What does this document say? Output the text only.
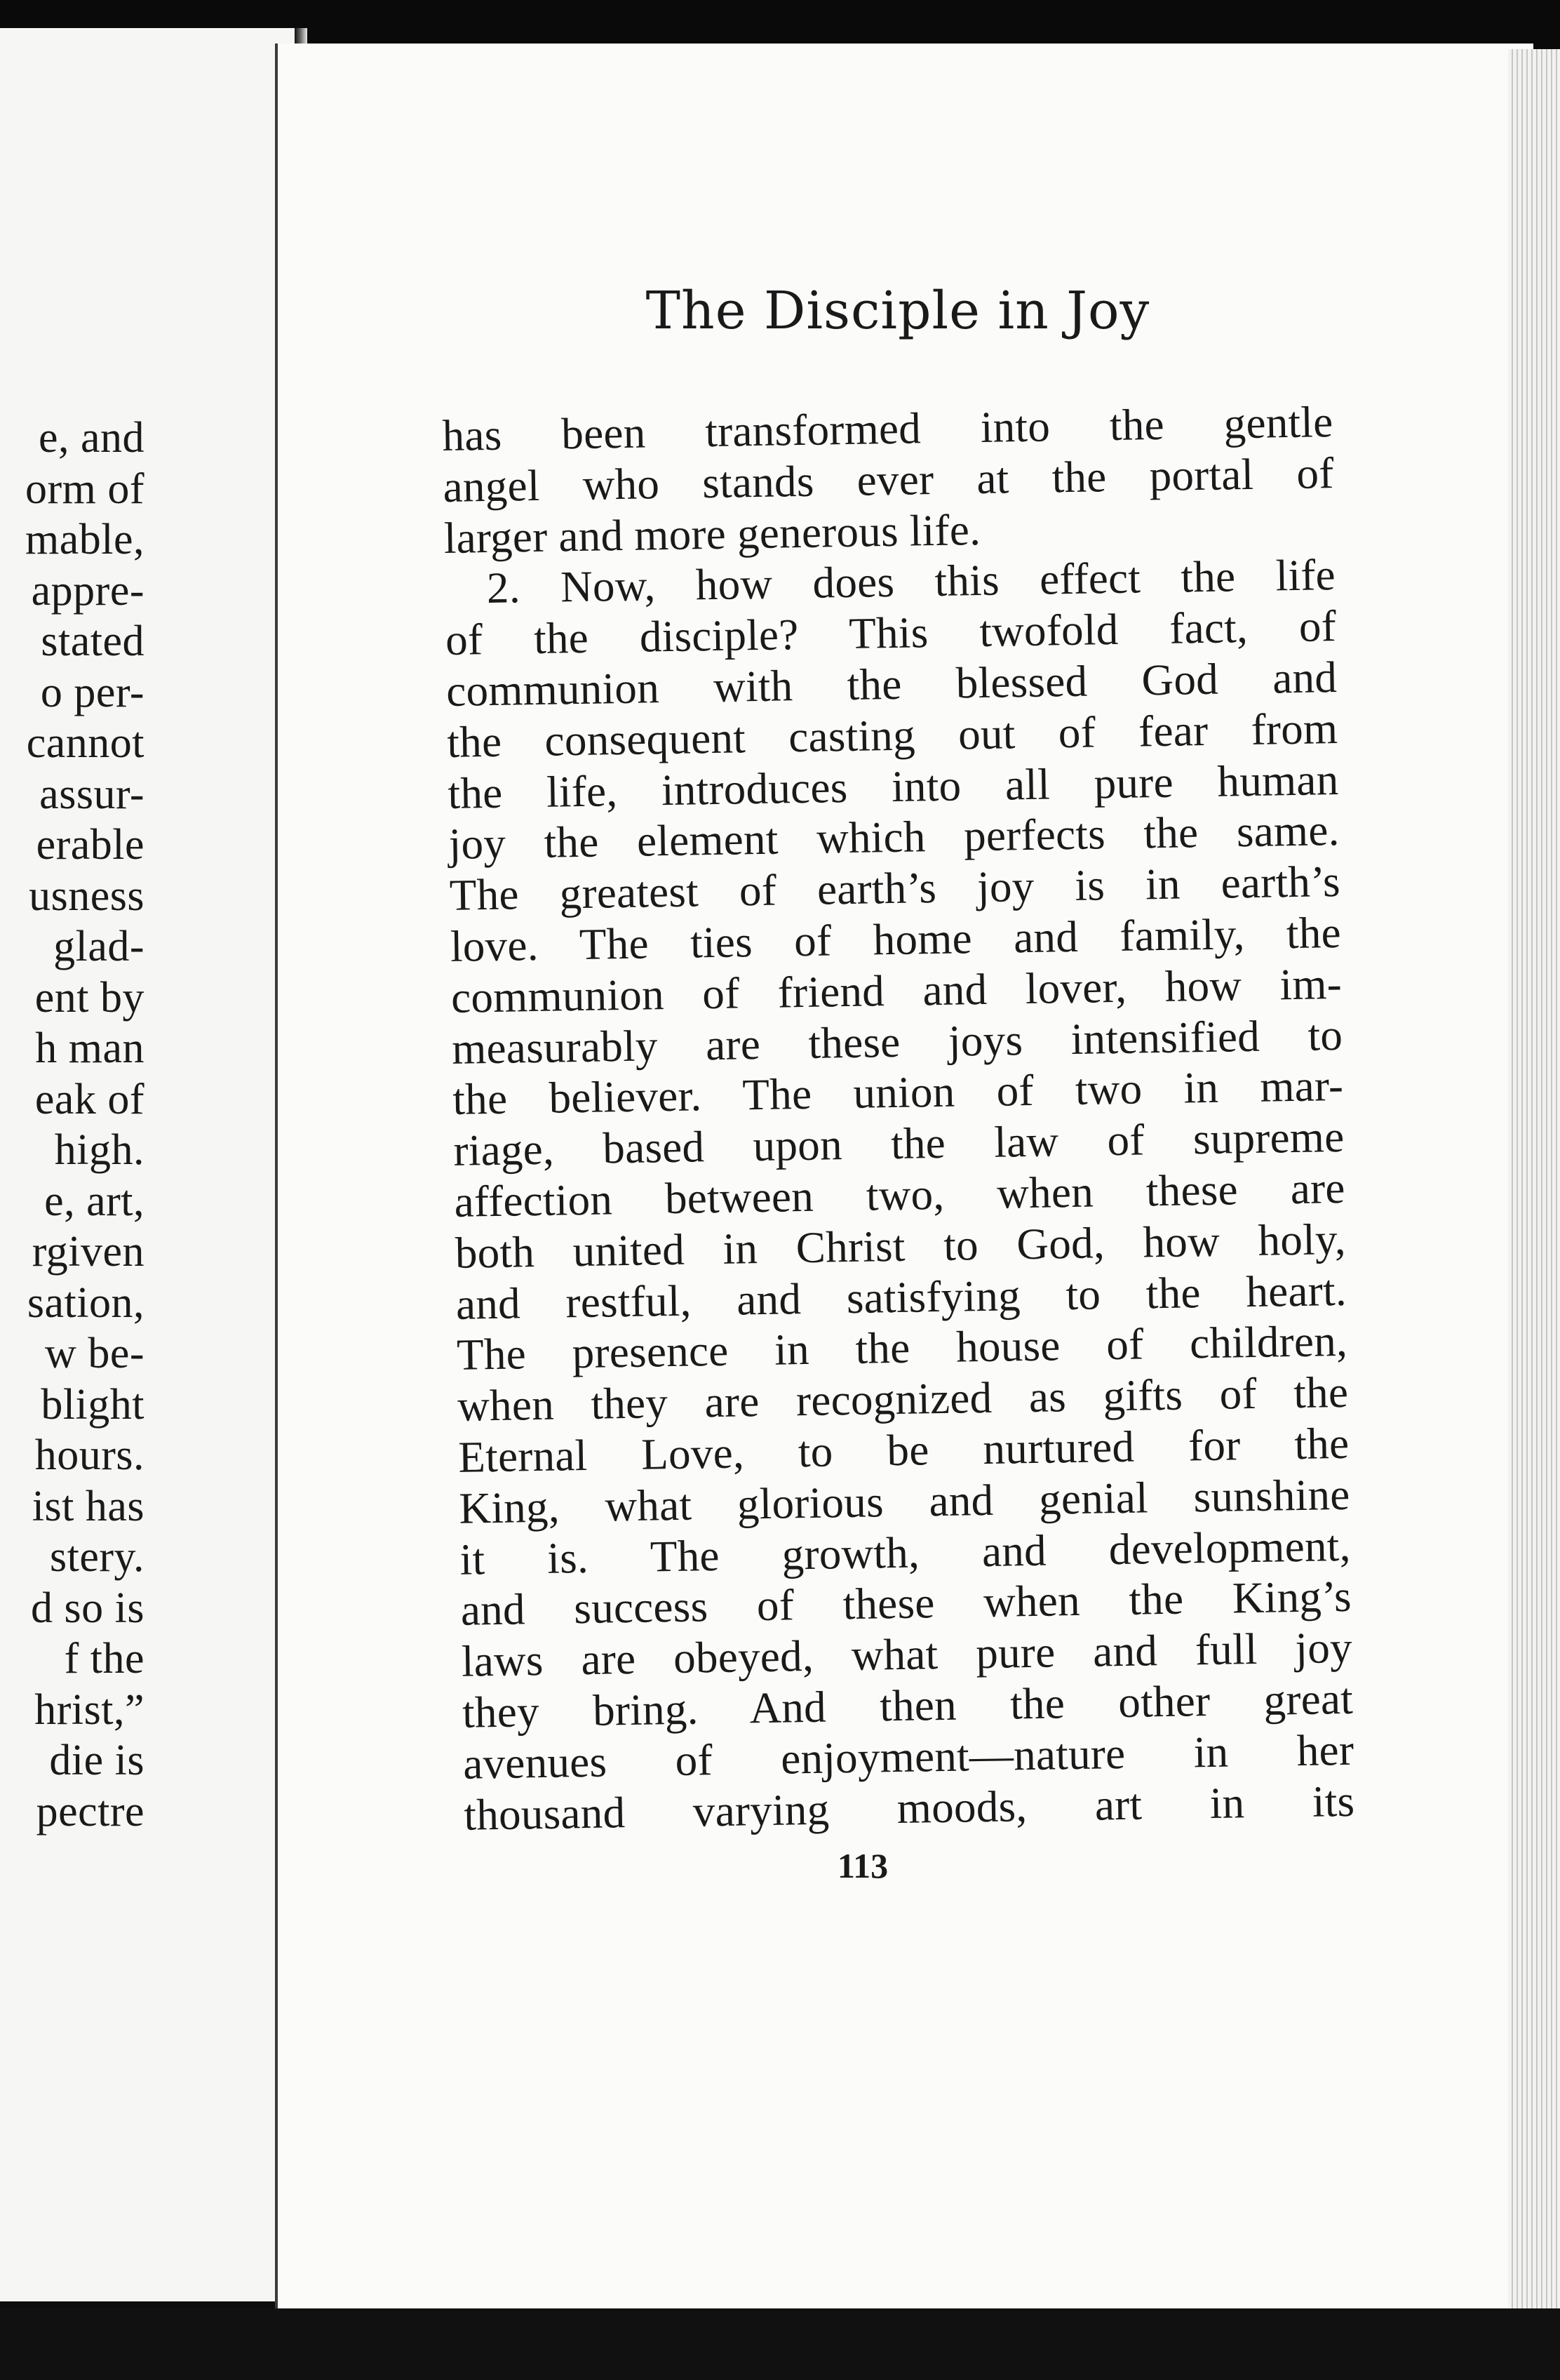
e, and
orm of
mable,
appre-
stated
o per-
cannot
assur-
erable
usness
glad-
ent by
h man
eak of
high.
e, art,
rgiven
sation,
w be-
blight
hours.
ist has
stery.
d so is
f the
hrist,”
die is
pectre
The Disciple in Joy
has been transformed into the gentle
angel who stands ever at the portal of
larger and more generous life.
2. Now, how does this effect the life
of the disciple? This twofold fact, of
communion with the blessed God and
the consequent casting out of fear from
the life, introduces into all pure human
joy the element which perfects the same.
The greatest of earth’s joy is in earth’s
love. The ties of home and family, the
communion of friend and lover, how im-
measurably are these joys intensified to
the believer. The union of two in mar-
riage, based upon the law of supreme
affection between two, when these are
both united in Christ to God, how holy,
and restful, and satisfying to the heart.
The presence in the house of children,
when they are recognized as gifts of the
Eternal Love, to be nurtured for the
King, what glorious and genial sunshine
it is. The growth, and development,
and success of these when the King’s
laws are obeyed, what pure and full joy
they bring. And then the other great
avenues of enjoyment—nature in her
thousand varying moods, art in its
113
